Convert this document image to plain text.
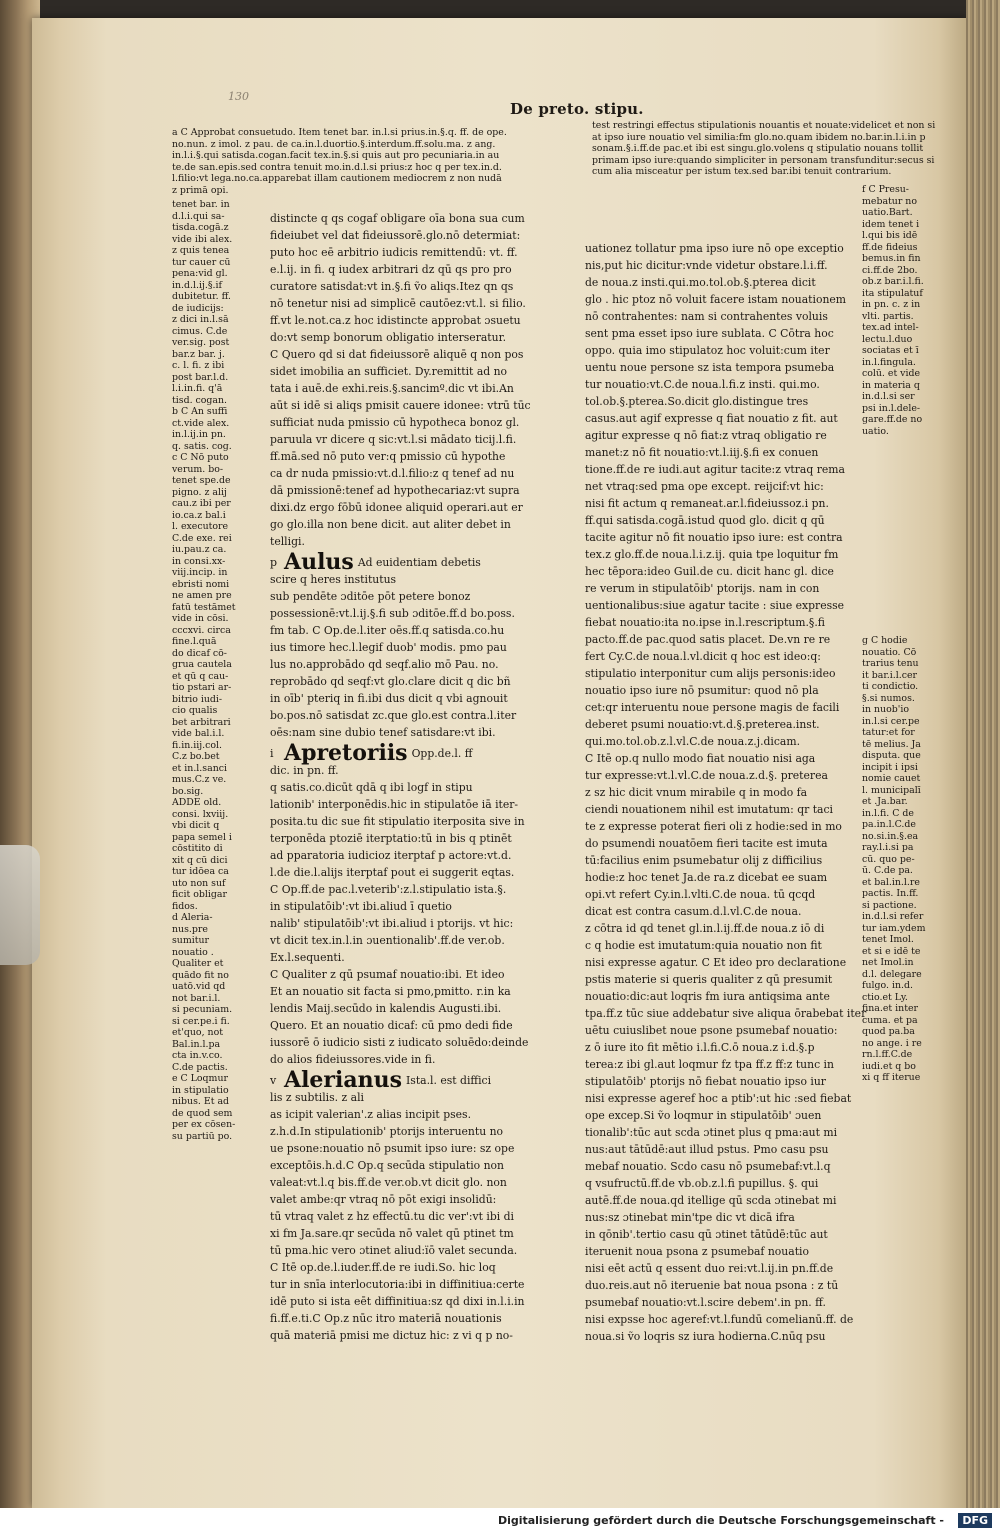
130
De preto. stipu.

a C Approbat consuetudo. Item tenet bar. in.l.si prius.in.§.q. ff. de ope.

no.nun. z imol. z pau. de ca.in.l.duortio.§.interdum.ff.solu.ma. z ang.

in.l.i.§.qui satisda.cogan.facit tex.in.§.si quis aut pro pecuniaria.in au

te.de san.epis.sed contra tenuit mo.in.d.l.si prius:z hoc q per tex.in.d.

l.filio:vt lega.no.ca.apparebat illam cautionem mediocrem z non nudā

z primā opi.

test restringi effectus stipulationis nouantis et nouate:videlicet et non si

at ipso iure nouatio vel similia:fm glo.no.quam ibidem no.bar.in.l.i.in p

sonam.§.i.ff.de pac.et ibi est singu.glo.volens q stipulatio nouans tollit

primam ipso iure:quando simpliciter in personam transfunditur:secus si

cum alia misceatur per istum tex.sed bar.ibi tenuit contrarium.

tenet bar. in

d.l.i.qui sa-

tisda.cogā.z

vide ibi alex.

z quis tenea

tur cauer cū

pena:vid gl.

in.d.l.ij.§.if

dubitetur. ff.

de iudicijs:

z dici in.l.sā

cimus. C.de

ver.sig. post

bar.z bar. j.

c. l. fi. z ibi

post bar.l.d.

l.i.in.fi. q'ā

tisd. cogan.

b C An suffi

ct.vide alex.

in.l.ij.in pn.

q. satis. cog.

c C Nō puto

verum. bo-

tenet spe.de

pigno. z alij

cau.z ibi per

io.ca.z bal.i

l. executore

C.de exe. rei

iu.pau.z ca.

in consi.xx-

viij.incip. in

ebristi nomi

ne amen pre

fatū testāmet

vide in cōsi.

cccxvi. circa

fine.l.quā

do dicaf cō-

grua cautela

et qū q cau-

tio pstari ar-

bitrio iudi-

cio qualis

bet arbitrari

vide bal.i.l.

fi.in.iij.col.

C.z bo.bet

et in.l.sanci

mus.C.z ve.

bo.sig.

ADDE old.

consi. lxviij.

vbi dicit q

papa semel i

cōstitito di

xit q cū dici

tur idōea ca

uto non suf

ficit obligar

fidos.

d Aleria-

nus.pre

sumitur

nouatio .

Qualiter et

quādo fit no

uatō.vid qd

not bar.i.l.

si pecuniam.

si cer.pe.i fi.

et'quo, not

Bal.in.l.pa

cta in.v.co.

C.de pactis.

e C Loqmur

in stipulatio

nibus. Et ad

de quod sem

per ex cōsen-

su partiū po.

f C Presu-

mebatur no

uatio.Bart.

idem tenet i

l.qui bis idē

ff.de fideius

bemus.in fin

ci.ff.de 2bo.

ob.z bar.i.l.fi.

ita stipulatuf

in pn. c. z in

vlti. partis.

tex.ad intel-

lectu.l.duo

sociatas et ī

in.l.fingula.

colū. et vide

in materia q

in.d.l.si ser

psi in.l.dele-

gare.ff.de no

uatio.

g C hodie

nouatio. Cō

trarius tenu

it bar.i.l.cer

ti condictio.

§.si numos.

in nuob'io

in.l.si cer.pe

tatur:et for

tē melius. Ja

disputa. que

incipit i ipsi

nomie cauet

l. municipalī

et .Ja.bar.

in.l.fi. C de

pa.in.l.C.de

no.si.in.§.ea

ray.l.i.si pa

cū. quo pe-

ū. C.de pa.

et bal.in.l.re

pactis. In.ff.

si pactione.

in.d.l.si refer

tur iam.ydem

tenet Imol.

et si e idē te

net Imol.in

d.l. delegare

fulgo. in.d.

ctio.et Ly.

fina.et inter

cuma. et pa

quod pa.ba

no ange. i re

rn.l.ff.C.de

iudi.et q bo

xi q ff iterue

distincte q qs cogaf obligare oīa bona sua cum

fideiubet vel dat fideiussorē.glo.nō determiat:

puto hoc eē arbitrio iudicis remittendū: vt. ff.

e.l.ij. in fi. q iudex arbitrari dz qū qs pro pro

curatore satisdat:vt in.§.fi ṽo aliqs.Itez qn qs

nō tenetur nisi ad simplicē cautōez:vt.l. si filio.

ff.vt le.not.ca.z hoc idistincte approbat ɔsuetu

do:vt semp bonorum obligatio interseratur.

C Quero qd si dat fideiussorē aliquē q non pos

sidet imobilia an sufficiet. Dy.remittit ad no

tata i auē.de exhi.reis.§.sancimº.dic vt ibi.An

aūt si idē si aliqs pmisit cauere idonee: vtrū tūc

sufficiat nuda pmissio cū hypotheca bonoz gl.

paruula vr dicere q sic:vt.l.si mādato ticij.l.fi.

ff.mā.sed nō puto ver:q pmissio cū hypothe

ca dr nuda pmissio:vt.d.l.filio:z q tenef ad nu

dā pmissionē:tenef ad hypothecariaz:vt supra

dixi.dz ergo fōbū idonee aliquid operari.aut er

go glo.illa non bene dicit. aut aliter debet in

telligi.

p Aulus Ad euidentiam debetis

scire q heres institutus

sub pendēte ɔditōe pōt petere bonoz

possessionē:vt.l.ij.§.fi sub ɔditōe.ff.d bo.poss.

fm tab. C Op.de.l.iter oēs.ff.q satisda.co.hu

ius timore hec.l.legif duob' modis. pmo pau

lus no.approbādo qd seqf.alio mō Pau. no.

reprobādo qd seqf:vt glo.clare dicit q dic bñ

in oīb' pteriq in fi.ibi dus dicit q vbi agnouit

bo.pos.nō satisdat zc.que glo.est contra.l.iter

oēs:nam sine dubio tenef satisdare:vt ibi.

i Apretoriis Opp.de.l. ff

dic. in pn. ff.

q satis.co.dicūt qdā q ibi logf in stipu

lationib' interponēdis.hic in stipulatōe iā iter-

posita.tu dic sue fit stipulatio iterposita sive in

terponēda ptoziē iterptatio:tū in bis q ptinēt

ad pparatoria iudicioz iterptaf p actore:vt.d.

l.de die.l.alijs iterptaf pout ei suggerit eqtas.

C Op.ff.de pac.l.veterib':z.l.stipulatio ista.§.

in stipulatōib':vt ibi.aliud ī quetio

nalib' stipulatōib':vt ibi.aliud i ptorijs. vt hic:

vt dicit tex.in.l.in ɔuentionalib'.ff.de ver.ob.

Ex.l.sequenti.

C Qualiter z qū psumaf nouatio:ibi. Et ideo

Et an nouatio sit facta si pmo,pmitto. r.in ka

lendis Maij.secūdo in kalendis Augusti.ibi.

Quero. Et an nouatio dicaf: cū pmo dedi fide

iussorē ō iudicio sisti z iudicato soluēdo:deinde

do alios fideiussores.vide in fi.

v Alerianus Ista.l. est diffici

lis z subtilis. z ali

as icipit valerian'.z alias incipit pses.

z.h.d.In stipulationib' ptorijs interuentu no

ue psone:nouatio nō psumit ipso iure: sz ope

exceptōis.h.d.C Op.q secūda stipulatio non

valeat:vt.l.q bis.ff.de ver.ob.vt dicit glo. non

valet ambe:qr vtraq nō pōt exigi insolidū:

tū vtraq valet z hz effectū.tu dic ver':vt ibi di

xi fm Ja.sare.qr secūda nō valet qū ptinet tm

tū pma.hic vero ɔtinet aliud:ïō valet secunda.

C Itē op.de.l.iuder.ff.de re iudi.So. hic loq

tur in snīa interlocutoria:ibi in diffinitiua:certe

idē puto si ista eēt diffinitiua:sz qd dixi in.l.i.in

fi.ff.e.ti.C Op.z nūc itro materiā nouationis

quā materiā pmisi me dictuz hic: z vi q p no-

uationez tollatur pma ipso iure nō ope exceptio

nis,put hic dicitur:vnde videtur obstare.l.i.ff.

de noua.z insti.qui.mo.tol.ob.§.pterea dicit

glo . hic ptoz nō voluit facere istam nouationem

nō contrahentes: nam si contrahentes voluis

sent pma esset ipso iure sublata. C Cōtra hoc

oppo. quia imo stipulatoz hoc voluit:cum iter

uentu noue persone sz ista tempora psumeba

tur nouatio:vt.C.de noua.l.fi.z insti. qui.mo.

tol.ob.§.pterea.So.dicit glo.distingue tres

casus.aut agif expresse q fiat nouatio z fit. aut

agitur expresse q nō fiat:z vtraq obligatio re

manet:z nō fit nouatio:vt.l.iij.§.fi ex conuen

tione.ff.de re iudi.aut agitur tacite:z vtraq rema

net vtraq:sed pma ope except. reijcif:vt hic:

nisi fit actum q remaneat.ar.l.fideiussoz.i pn.

ff.qui satisda.cogā.istud quod glo. dicit q qū

tacite agitur nō fit nouatio ipso iure: est contra

tex.z glo.ff.de noua.l.i.z.ij. quia tpe loquitur fm

hec tēpora:ideo Guil.de cu. dicit hanc gl. dice

re verum in stipulatōib' ptorijs. nam in con

uentionalibus:siue agatur tacite : siue expresse

fiebat nouatio:ita no.ipse in.l.rescriptum.§.fi

pacto.ff.de pac.quod satis placet. De.vn re re

fert Cy.C.de noua.l.vl.dicit q hoc est ideo:q:

stipulatio interponitur cum alijs personis:ideo

nouatio ipso iure nō psumitur: quod nō pla

cet:qr interuentu noue persone magis de facili

deberet psumi nouatio:vt.d.§.preterea.inst.

qui.mo.tol.ob.z.l.vl.C.de noua.z.j.dicam.

C Itē op.q nullo modo fiat nouatio nisi aga

tur expresse:vt.l.vl.C.de noua.z.d.§. preterea

z sz hic dicit vnum mirabile q in modo fa

ciendi nouationem nihil est imutatum: qr taci

te z expresse poterat fieri oli z hodie:sed in mo

do psumendi nouatōem fieri tacite est imuta

tū:facilius enim psumebatur olij z difficilius

hodie:z hoc tenet Ja.de ra.z dicebat ee suam

opi.vt refert Cy.in.l.vlti.C.de noua. tū qcqd

dicat est contra casum.d.l.vl.C.de noua.

z cōtra id qd tenet gl.in.l.ij.ff.de noua.z iō di

c q hodie est imutatum:quia nouatio non fit

nisi expresse agatur. C Et ideo pro declaratione

pstis materie si queris qualiter z qū presumit

nouatio:dic:aut loqris fm iura antiqsima ante

tpa.ff.z tūc siue addebatur sive aliqua ōrabebat iter

uētu cuiuslibet noue psone psumebaf nouatio:

z ō iure ito fit mētio i.l.fi.C.ō noua.z i.d.§.p

terea:z ibi gl.aut loqmur fz tpa ff.z ff:z tunc in

stipulatōib' ptorijs nō fiebat nouatio ipso iur

nisi expresse ageref hoc a ptib':ut hic :sed fiebat

ope excep.Si ṽo loqmur in stipulatōib' ɔuen

tionalib':tūc aut scda ɔtinet plus q pma:aut mi

nus:aut tātūdē:aut illud pstus. Pmo casu psu

mebaf nouatio. Scdo casu nō psumebaf:vt.l.q

q vsufructū.ff.de vb.ob.z.l.fi pupillus. §. qui

autē.ff.de noua.qd itellige qū scda ɔtinebat mi

nus:sz ɔtinebat min'tpe dic vt dicā ifra

in qōnib'.tertio casu qū ɔtinet tātūdē:tūc aut

iteruenit noua psona z psumebaf nouatio

nisi eēt actū q essent duo rei:vt.l.ij.in pn.ff.de

duo.reis.aut nō iteruenie bat noua psona : z tū

psumebaf nouatio:vt.l.scire debem'.in pn. ff.

nisi expsse hoc ageref:vt.l.fundū comelianū.ff. de

noua.si ṽo loqris sz iura hodierna.C.nūq psu

Digitalisierung gefördert durch die Deutsche Forschungsgemeinschaft -	DFG
